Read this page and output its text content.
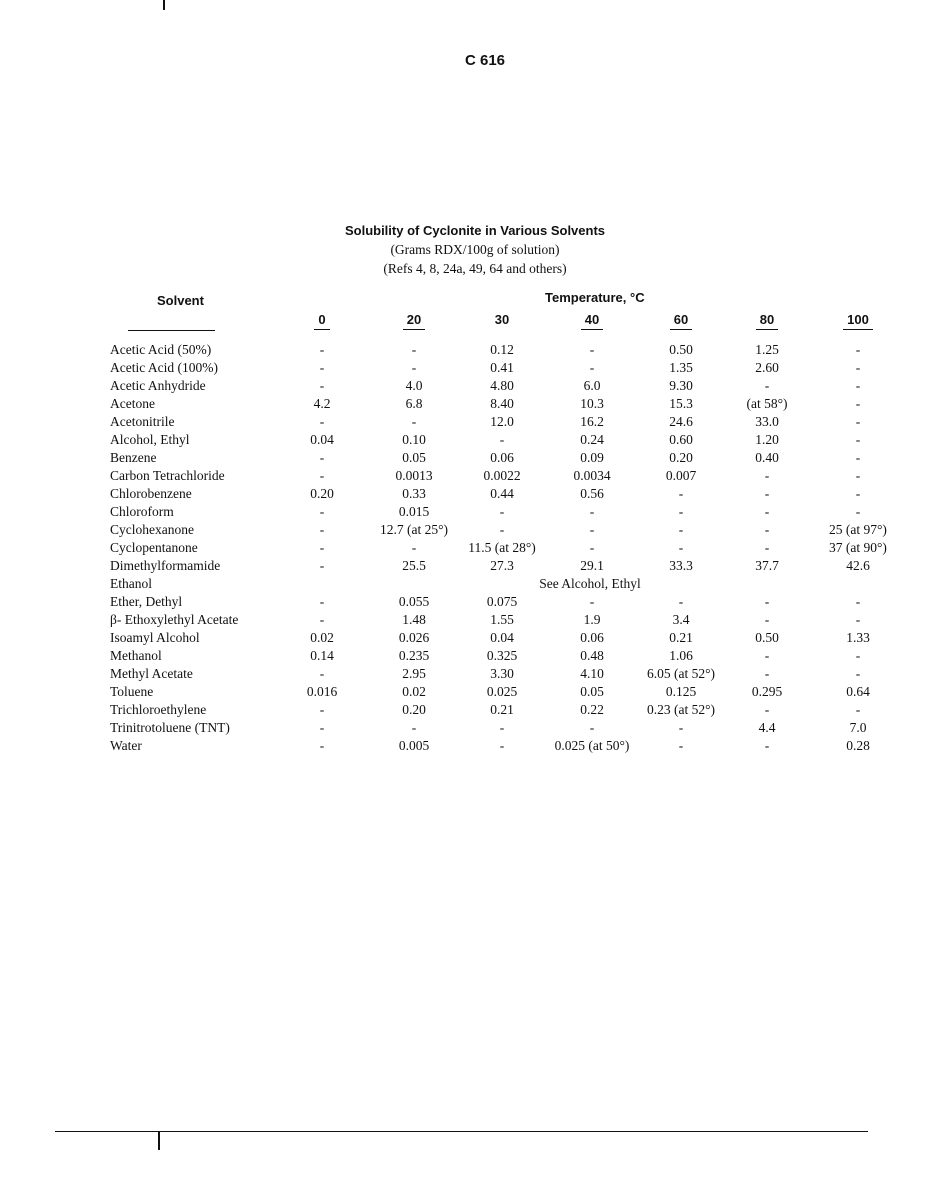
C 616
Solubility of Cyclonite in Various Solvents
(Grams RDX/100g of solution)
(Refs 4, 8, 24a, 49, 64 and others)
Solvent	Temperature, °C
0	20	30	40	60	80	100
Acetic Acid (50%)	-	-	0.12	-	0.50	1.25	-
Acetic Acid (100%)	-	-	0.41	-	1.35	2.60	-
Acetic Anhydride	-	4.0	4.80	6.0	9.30	-	-
Acetone	4.2	6.8	8.40	10.3	15.3	(at 58°)	-
Acetonitrile	-	-	12.0	16.2	24.6	33.0	-
Alcohol, Ethyl	0.04	0.10	-	0.24	0.60	1.20	-
Benzene	-	0.05	0.06	0.09	0.20	0.40	-
Carbon Tetrachloride	-	0.0013	0.0022	0.0034	0.007	-	-
Chlorobenzene	0.20	0.33	0.44	0.56	-	-	-
Chloroform	-	0.015	-	-	-	-	-
Cyclohexanone	-	12.7 (at 25°)	-	-	-	-	25 (at 97°)
Cyclopentanone	-	-	11.5 (at 28°)	-	-	-	37 (at 90°)
Dimethylformamide	-	25.5	27.3	29.1	33.3	37.7	42.6
Ethanol	See Alcohol, Ethyl
Ether, Dethyl	-	0.055	0.075	-	-	-	-
β- Ethoxylethyl Acetate	-	1.48	1.55	1.9	3.4	-	-
Isoamyl Alcohol	0.02	0.026	0.04	0.06	0.21	0.50	1.33
Methanol	0.14	0.235	0.325	0.48	1.06	-	-
Methyl Acetate	-	2.95	3.30	4.10	6.05 (at 52°)	-	-
Toluene	0.016	0.02	0.025	0.05	0.125	0.295	0.64
Trichloroethylene	-	0.20	0.21	0.22	0.23 (at 52°)	-	-
Trinitrotoluene (TNT)	-	-	-	-	-	4.4	7.0
Water	-	0.005	-	0.025 (at 50°)	-	-	0.28
